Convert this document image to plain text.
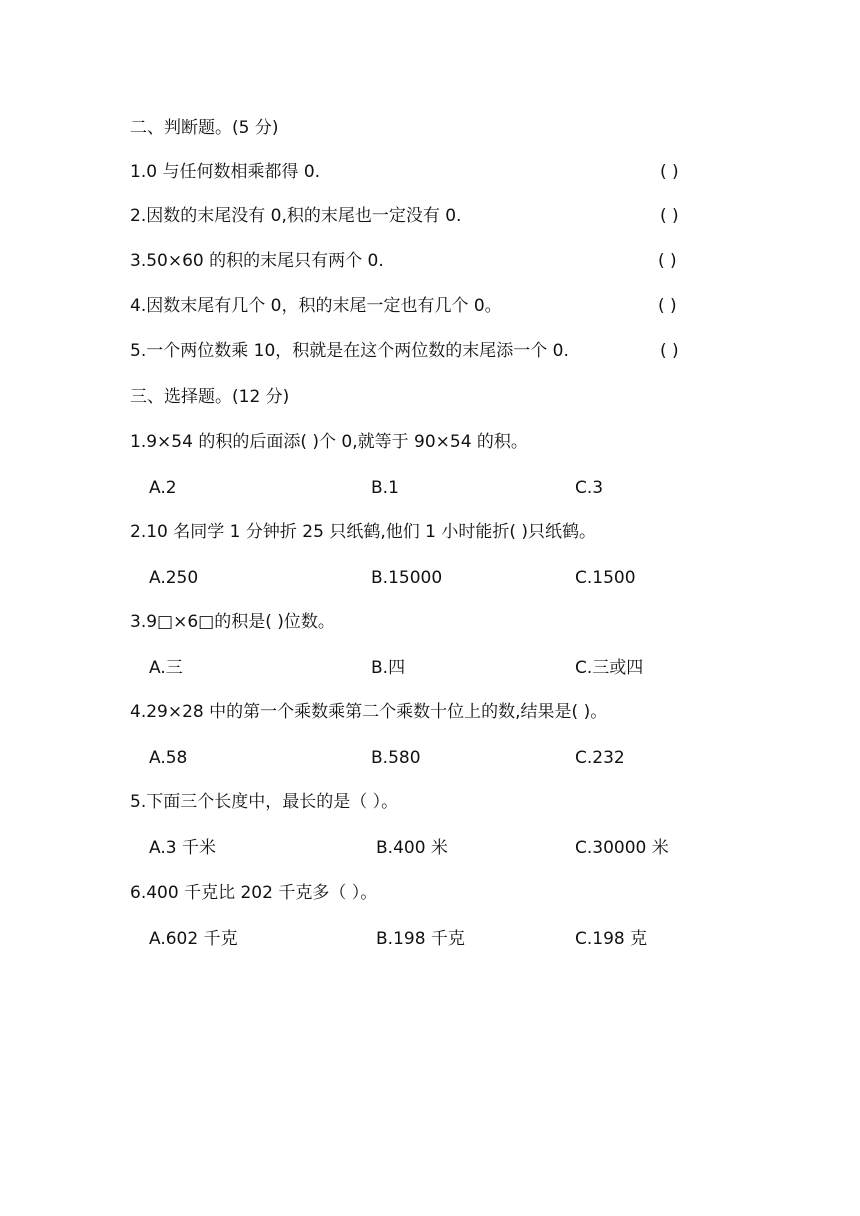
二、判断题。(5 分)
1.0 与任何数相乘都得 0.	( )
2.因数的末尾没有 0,积的末尾也一定没有 0.	( )
3.50×60 的积的末尾只有两个 0.	( )
4.因数末尾有几个 0，积的末尾一定也有几个 0。	( )
5.一个两位数乘 10，积就是在这个两位数的末尾添一个 0.	( )
三、选择题。(12 分)
1.9×54 的积的后面添( )个 0,就等于 90×54 的积。
A.2	B.1	C.3
2.10 名同学 1 分钟折 25 只纸鹤,他们 1 小时能折( )只纸鹤。
A.250	B.15000	C.1500
3.9□×6□的积是( )位数。
A.三	B.四	C.三或四
4.29×28 中的第一个乘数乘第二个乘数十位上的数,结果是( )。
A.58	B.580	C.232
5.下面三个长度中，最长的是（ ）。
A.3 千米	B.400 米	C.30000 米
6.400 千克比 202 千克多（ ）。
A.602 千克	B.198 千克	C.198 克
